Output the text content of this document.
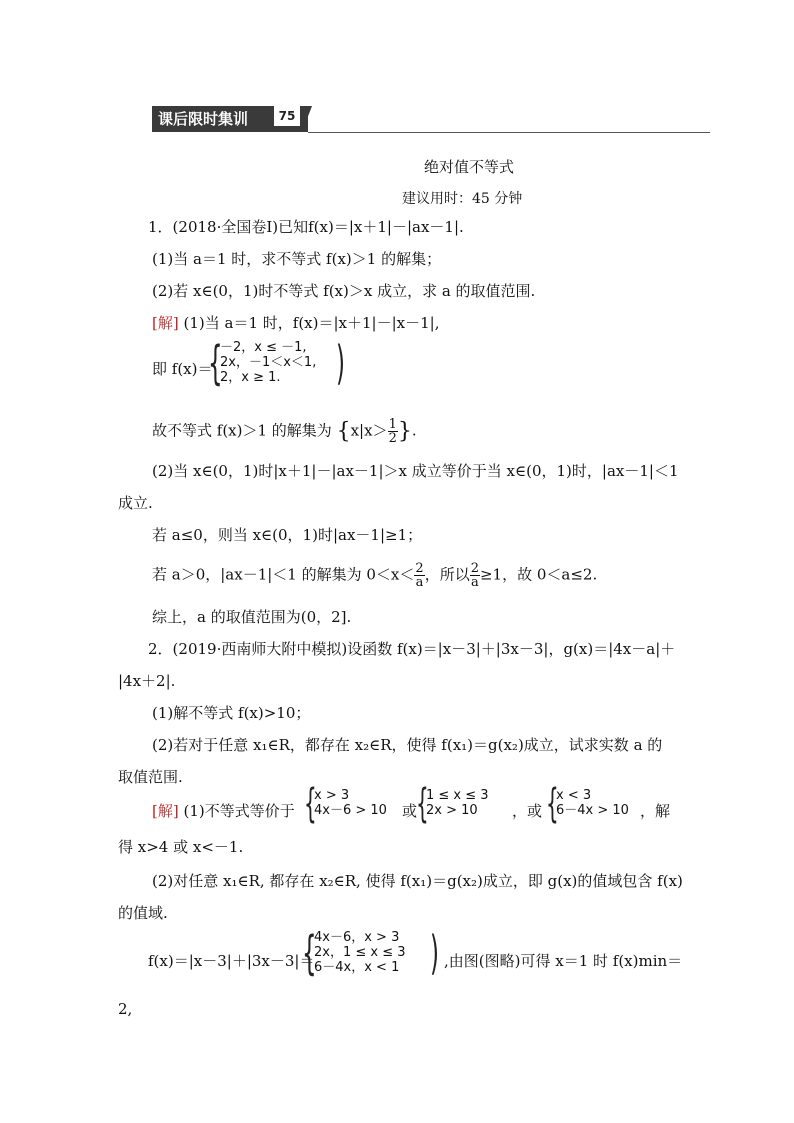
课后限时集训	75
绝对值不等式
建议用时：45 分钟
1．(2018·全国卷Ⅰ)已知f(x)＝|x＋1|－|ax－1|.
(1)当 a＝1 时，求不等式 f(x)＞1 的解集；
(2)若 x∈(0，1)时不等式 f(x)＞x 成立，求 a 的取值范围.
[解] (1)当 a＝1 时，f(x)＝|x＋1|－|x－1|,
即 f(x)＝
{
－2，x ≤ －1,
2x，－1＜x＜1,
2，x ≥ 1.	)
故不等式 f(x)＞1 的解集为 {$x|x> \frac{1}{2}$ }.
(2)当 x∈(0，1)时|x＋1|－|ax－1|＞x 成立等价于当 x∈(0，1)时，|ax－1|＜1
成立.
若 a≤0，则当 x∈(0，1)时|ax－1|≥1；
若 a＞0，|ax－1|＜1 的解集为 $0<x< \frac{2}{a}$ ，所以 $\frac{2}{a} \ge 1$，故 0＜a≤2.
综上，a 的取值范围为(0，2].
2．(2019·西南师大附中模拟)设函数 f(x)＝|x－3|＋|3x－3|，g(x)＝|4x－a|＋
|4x＋2|.
(1)解不等式 f(x)>10；
(2)若对于任意 x₁∈R，都存在 x₂∈R，使得 f(x₁)＝g(x₂)成立，试求实数 a 的
取值范围.
[解] (1)不等式等价于 {
x > 3
4x－6 > 10 或
{
1 ≤ x ≤ 3
2x > 10	，或 {
x < 3
6－4x > 10 ，解
得 x>4 或 x<－1.
(2)对任意 x₁∈R, 都存在 x₂∈R, 使得 f(x₁)＝g(x₂)成立，即 g(x)的值域包含 f(x)
的值域.
f(x)＝|x－3|＋|3x－3|＝
{
4x－6，x > 3
2x，1 ≤ x ≤ 3
6－4x，x < 1 ) ,由图(图略)可得 x＝1 时 f(x)min＝
2,
